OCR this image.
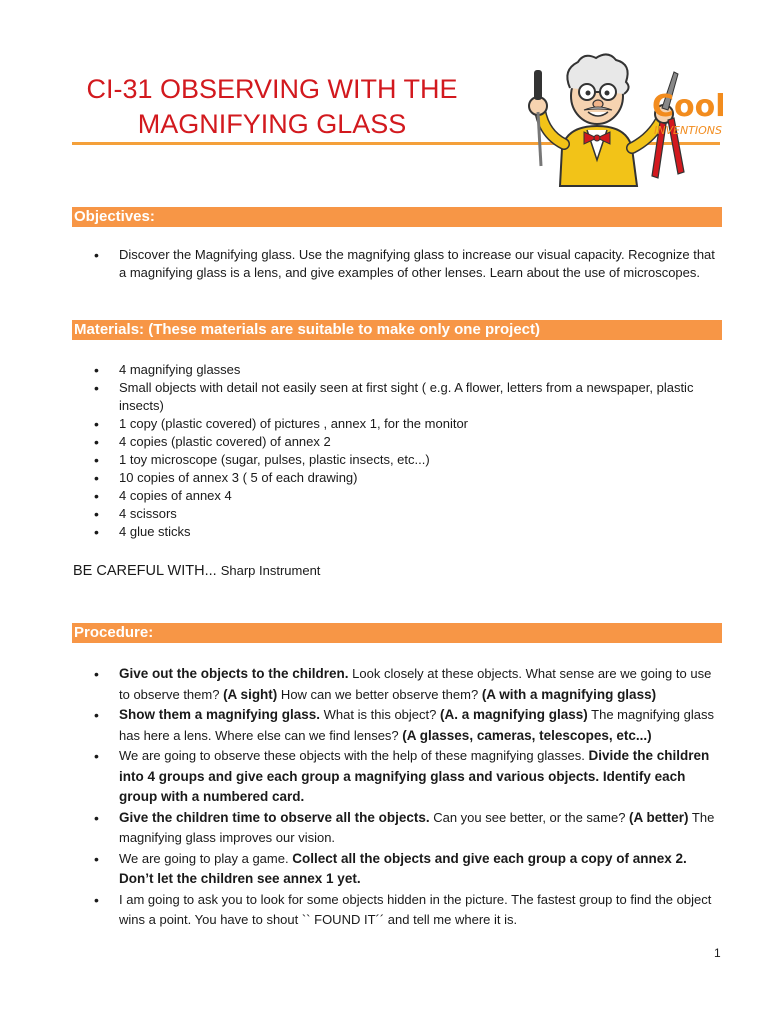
CI-31 OBSERVING WITH THE
MAGNIFYING GLASS	Cool
INVENTIONS
Objectives:
• Discover the Magnifying glass. Use the magnifying glass to increase our visual capacity. Recognize that a magnifying glass is a lens, and give examples of other lenses. Learn about the use of microscopes.
Materials: (These materials are suitable to make only one project)
• 4 magnifying glasses
• Small objects with detail not easily seen at first sight ( e.g. A flower, letters from a newspaper, plastic insects)
• 1 copy (plastic covered) of pictures , annex 1, for the monitor
• 4 copies (plastic covered) of annex 2
• 1 toy microscope (sugar, pulses, plastic insects, etc...)
• 10 copies of annex 3 ( 5 of each drawing)
• 4 copies of annex 4
• 4 scissors
• 4 glue sticks
BE CAREFUL WITH... Sharp Instrument
Procedure:
• Give out the objects to the children. Look closely at these objects. What sense are we going to use to observe them? (A sight) How can we better observe them? (A with a magnifying glass)
• Show them a magnifying glass. What is this object? (A. a magnifying glass) The magnifying glass has here a lens. Where else can we find lenses? (A glasses, cameras, telescopes, etc...)
• We are going to observe these objects with the help of these magnifying glasses. Divide the children into 4 groups and give each group a magnifying glass and various objects. Identify each group with a numbered card.
• Give the children time to observe all the objects. Can you see better, or the same? (A better) The magnifying glass improves our vision.
• We are going to play a game. Collect all the objects and give each group a copy of annex 2. Don’t let the children see annex 1 yet.
• I am going to ask you to look for some objects hidden in the picture. The fastest group to find the object wins a point. You have to shout `` FOUND IT´´ and tell me where it is.
1
